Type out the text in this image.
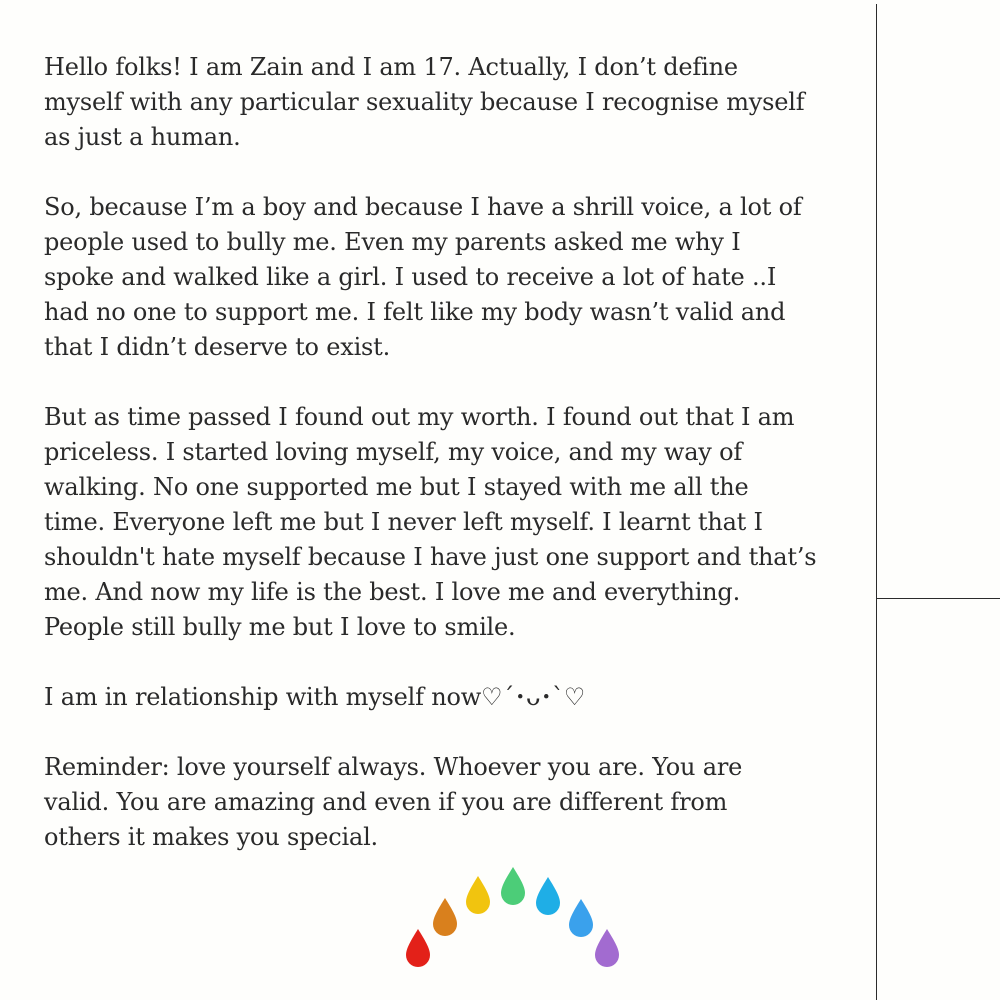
Hello folks! I am Zain and I am 17. Actually, I don’t define
myself with any particular sexuality because I recognise myself
as just a human.

So, because I’m a boy and because I have a shrill voice, a lot of
people used to bully me. Even my parents asked me why I
spoke and walked like a girl. I used to receive a lot of hate ..I
had no one to support me. I felt like my body wasn’t valid and
that I didn’t deserve to exist.

But as time passed I found out my worth. I found out that I am
priceless. I started loving myself, my voice, and my way of
walking. No one supported me but I stayed with me all the
time. Everyone left me but I never left myself. I learnt that I
shouldn't hate myself because I have just one support and that’s
me. And now my life is the best. I love me and everything.
People still bully me but I love to smile.

I am in relationship with myself now♡´･ᴗ･`♡

Reminder: love yourself always. Whoever you are. You are
valid. You are amazing and even if you are different from
others it makes you special.
